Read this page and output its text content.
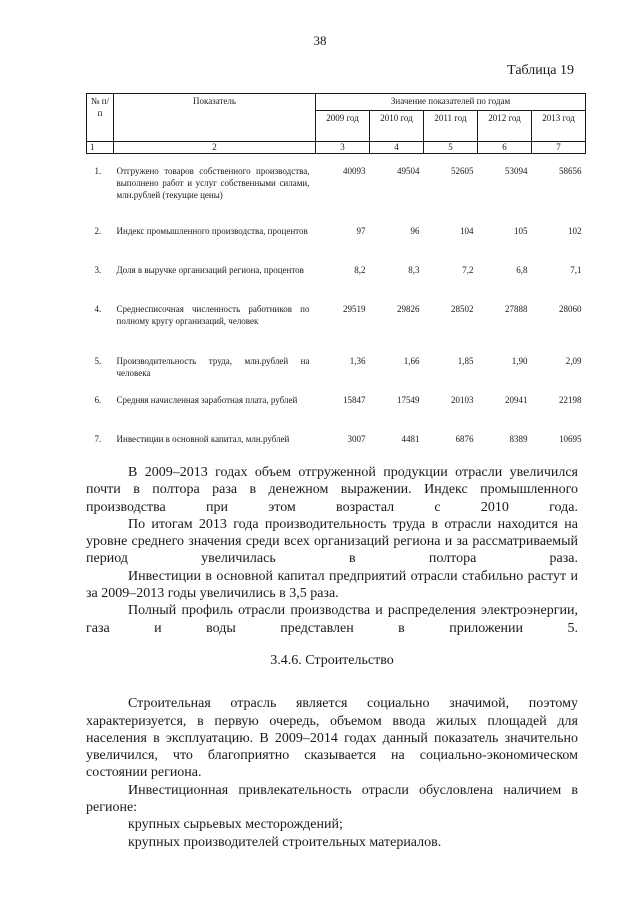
38
Таблица 19
№ п/п	Показатель	Значение показателей по годам				
		2009 год	2010 год	2011 год	2012 год	2013 год
1	2	3	4	5	6	7
1.	Отгружено товаров собственного производства, выполнено работ и услуг собственными силами, млн.рублей (текущие цены)	40093	49504	52605	53094	58656
2.	Индекс промышленного производства, процентов	97	96	104	105	102
3.	Доля в выручке организаций региона, процентов	8,2	8,3	7,2	6,8	7,1
4.	Среднесписочная численность работников по полному кругу организаций, человек	29519	29826	28502	27888	28060
5.	Производительность труда, млн.рублей на человека	1,36	1,66	1,85	1,90	2,09
6.	Средняя начисленная заработная плата, рублей	15847	17549	20103	20941	22198
7.	Инвестиции в основной капитал, млн.рублей	3007	4481	6876	8389	10695

В 2009–2013 годах объем отгруженной продукции отрасли увеличился почти в полтора раза в денежном выражении. Индекс промышленного производства при этом возрастал с 2010 года.

По итогам 2013 года производительность труда в отрасли находится на уровне среднего значения среди всех организаций региона и за рассматриваемый период увеличилась в полтора раза.

Инвестиции в основной капитал предприятий отрасли стабильно растут и за 2009–2013 годы увеличились в 3,5 раза.

Полный профиль отрасли производства и распределения электроэнергии, газа и воды представлен в приложении 5.

3.4.6. Строительство

Строительная отрасль является социально значимой, поэтому характеризуется, в первую очередь, объемом ввода жилых площадей для населения в эксплуатацию. В 2009–2014 годах данный показатель значительно увеличился, что благоприятно сказывается на социально-экономическом состоянии региона.

Инвестиционная привлекательность отрасли обусловлена наличием в регионе:

крупных сырьевых месторождений;

крупных производителей строительных материалов.
